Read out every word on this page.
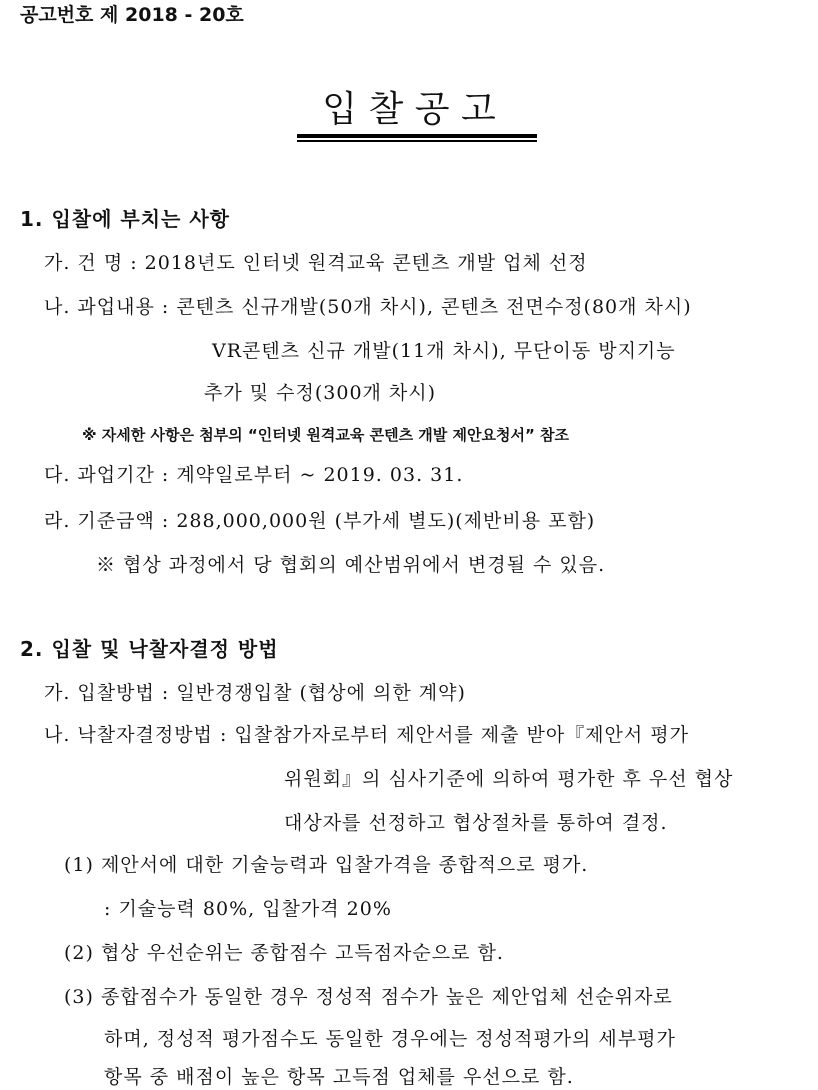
공고번호 제 2018 - 20호
입 찰 공 고
1. 입찰에 부치는 사항
가. 건 명 : 2018년도 인터넷 원격교육 콘텐츠 개발 업체 선정
나. 과업내용 : 콘텐츠 신규개발(50개 차시), 콘텐츠 전면수정(80개 차시)
VR콘텐츠 신규 개발(11개 차시), 무단이동 방지기능
추가 및 수정(300개 차시)
※ 자세한 사항은 첨부의 “인터넷 원격교육 콘텐츠 개발 제안요청서” 참조
다. 과업기간 : 계약일로부터 ~ 2019. 03. 31.
라. 기준금액 : 288,000,000원 (부가세 별도)(제반비용 포함)
※ 협상 과정에서 당 협회의 예산범위에서 변경될 수 있음.
2. 입찰 및 낙찰자결정 방법
가. 입찰방법 : 일반경쟁입찰 (협상에 의한 계약)
나. 낙찰자결정방법 : 입찰참가자로부터 제안서를 제출 받아『제안서 평가
위원회』의 심사기준에 의하여 평가한 후 우선 협상
대상자를 선정하고 협상절차를 통하여 결정.
(1) 제안서에 대한 기술능력과 입찰가격을 종합적으로 평가.
: 기술능력 80%, 입찰가격 20%
(2) 협상 우선순위는 종합점수 고득점자순으로 함.
(3) 종합점수가 동일한 경우 정성적 점수가 높은 제안업체 선순위자로
하며, 정성적 평가점수도 동일한 경우에는 정성적평가의 세부평가
항목 중 배점이 높은 항목 고득점 업체를 우선으로 함.
